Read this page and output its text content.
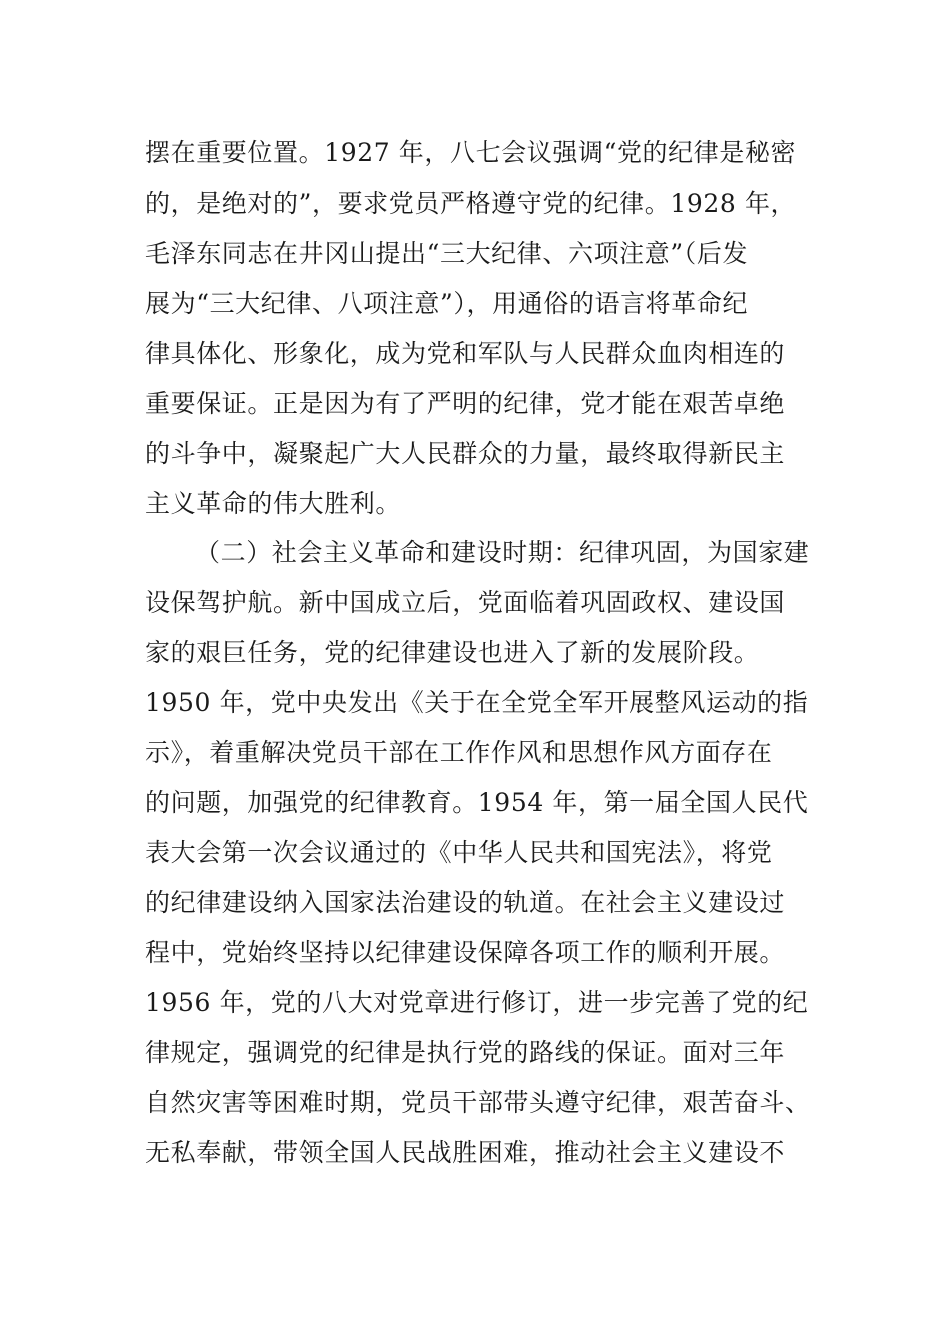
摆在重要位置。1927 年，八七会议强调“党的纪律是秘密
的，是绝对的”，要求党员严格遵守党的纪律。1928 年，
毛泽东同志在井冈山提出“三大纪律、六项注意”（后发
展为“三大纪律、八项注意”），用通俗的语言将革命纪
律具体化、形象化，成为党和军队与人民群众血肉相连的
重要保证。正是因为有了严明的纪律，党才能在艰苦卓绝
的斗争中，凝聚起广大人民群众的力量，最终取得新民主
主义革命的伟大胜利。
（二）社会主义革命和建设时期：纪律巩固，为国家建
设保驾护航。新中国成立后，党面临着巩固政权、建设国
家的艰巨任务，党的纪律建设也进入了新的发展阶段。
1950 年，党中央发出《关于在全党全军开展整风运动的指
示》，着重解决党员干部在工作作风和思想作风方面存在
的问题，加强党的纪律教育。1954 年，第一届全国人民代
表大会第一次会议通过的《中华人民共和国宪法》，将党
的纪律建设纳入国家法治建设的轨道。在社会主义建设过
程中，党始终坚持以纪律建设保障各项工作的顺利开展。
1956 年，党的八大对党章进行修订，进一步完善了党的纪
律规定，强调党的纪律是执行党的路线的保证。面对三年
自然灾害等困难时期，党员干部带头遵守纪律，艰苦奋斗、
无私奉献，带领全国人民战胜困难，推动社会主义建设不
